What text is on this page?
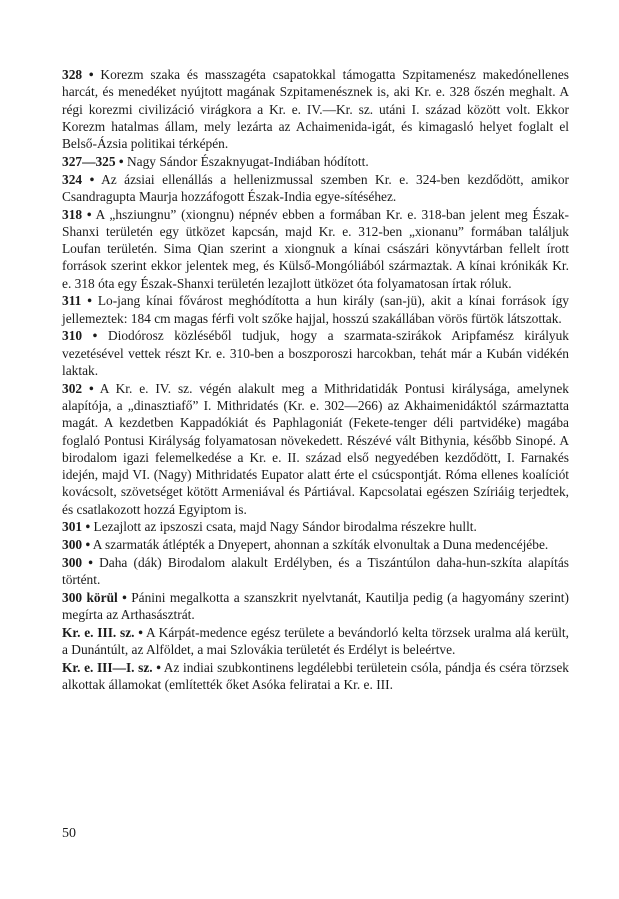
328 • Korezm szaka és masszagéta csapatokkal támogatta Szpitamenész makedónellenes harcát, és menedéket nyújtott magának Szpitamenésznek is, aki Kr. e. 328 őszén meghalt. A régi korezmi civilizáció virágkora a Kr. e. IV.—Kr. sz. utáni I. század között volt. Ekkor Korezm hatalmas állam, mely lezárta az Achaimenida-igát, és kimagasló helyet foglalt el Belső-Ázsia politikai térképén.

327—325 • Nagy Sándor Északnyugat-Indiában hódított.

324 • Az ázsiai ellenállás a hellenizmussal szemben Kr. e. 324-ben kezdődött, amikor Csandragupta Maurja hozzáfogott Észak-India egye-sítéséhez.

318 • A „hsziungnu” (xiongnu) népnév ebben a formában Kr. e. 318-ban jelent meg Észak-Shanxi területén egy ütközet kapcsán, majd Kr. e. 312-ben „xionanu” formában találjuk Loufan területén. Sima Qian szerint a xiongnuk a kínai császári könyvtárban fellelt írott források szerint ekkor jelentek meg, és Külső-Mongóliából származtak. A kínai krónikák Kr. e. 318 óta egy Észak-Shanxi területén lezajlott ütközet óta folyamatosan írtak róluk.

311 • Lo-jang kínai fővárost meghódította a hun király (san-jü), akit a kínai források így jellemeztek: 184 cm magas férfi volt szőke hajjal, hosszú szakállában vörös fürtök látszottak.

310 • Diodórosz közléséből tudjuk, hogy a szarmata-szirákok Aripfamész királyuk vezetésével vettek részt Kr. e. 310-ben a boszporoszi harcokban, tehát már a Kubán vidékén laktak.

302 • A Kr. e. IV. sz. végén alakult meg a Mithridatidák Pontusi királysága, amelynek alapítója, a „dinasztiafő” I. Mithridatés (Kr. e. 302—266) az Akhaimenidáktól származtatta magát. A kezdetben Kappadókiát és Paphlagoniát (Fekete-tenger déli partvidéke) magába foglaló Pontusi Királyság folyamatosan növekedett. Részévé vált Bithynia, később Sinopé. A birodalom igazi felemelkedése a Kr. e. II. század első negyedében kezdődött, I. Farnakés idején, majd VI. (Nagy) Mithridatés Eupator alatt érte el csúcspontját. Róma ellenes koalíciót kovácsolt, szövetséget kötött Armeniával és Pártiával. Kapcsolatai egészen Szíriáig terjedtek, és csatlakozott hozzá Egyiptom is.

301 • Lezajlott az ipszoszi csata, majd Nagy Sándor birodalma részekre hullt.

300 • A szarmaták átlépték a Dnyepert, ahonnan a szkíták elvonultak a Duna medencéjébe.

300 • Daha (dák) Birodalom alakult Erdélyben, és a Tiszántúlon daha-hun-szkíta alapítás történt.

300 körül • Pánini megalkotta a szanszkrit nyelvtanát, Kautilja pedig (a hagyomány szerint) megírta az Arthasásztrát.

Kr. e. III. sz. • A Kárpát-medence egész területe a bevándorló kelta törzsek uralma alá került, a Dunántúlt, az Alföldet, a mai Szlovákia területét és Erdélyt is beleértve.

Kr. e. III—I. sz. • Az indiai szubkontinens legdélebbi területein csóla, pándja és cséra törzsek alkottak államokat (említették őket Asóka feliratai a Kr. e. III.

50
